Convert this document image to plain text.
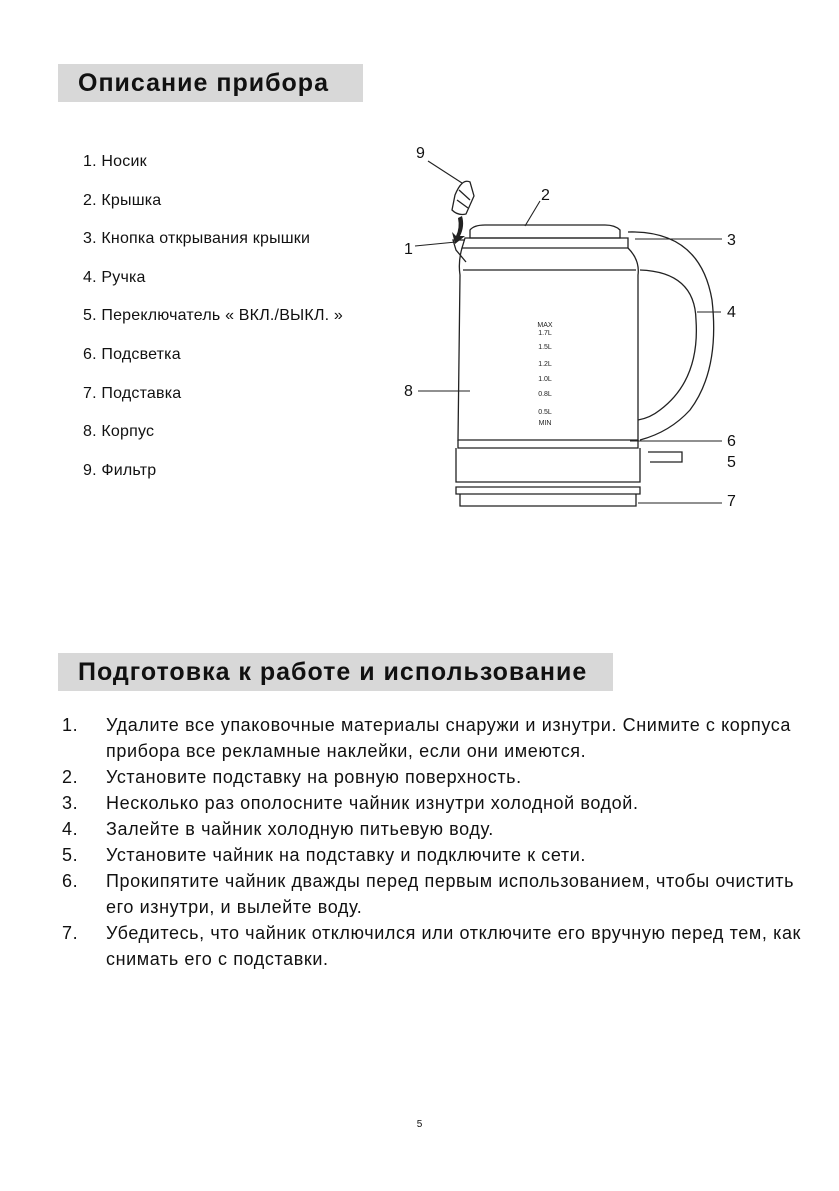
Описание прибора
1. Носик
2. Крышка
3. Кнопка открывания крышки
4. Ручка
5. Переключатель « ВКЛ./ВЫКЛ. »
6. Подсветка
7. Подставка
8. Корпус
9. Фильтр
1
2
3
4
5
6
7
8
9
MAX
1.7L
1.5L
1.2L
1.0L
0.8L
0.5L
MIN
Подготовка к работе и использование
1.	Удалите все упаковочные материалы снаружи и изнутри. Снимите с корпуса прибора все рекламные наклейки, если они имеются.
2.	Установите подставку на ровную поверхность.
3.	Несколько раз ополосните чайник изнутри холодной водой.
4.	Залейте в чайник холодную питьевую воду.
5.	Установите чайник на подставку и подключите к сети.
6.	Прокипятите чайник дважды перед первым использованием, чтобы очистить его изнутри, и вылейте воду.
7.	Убедитесь, что чайник отключился или отключите его вручную перед тем, как снимать его с подставки.
5
